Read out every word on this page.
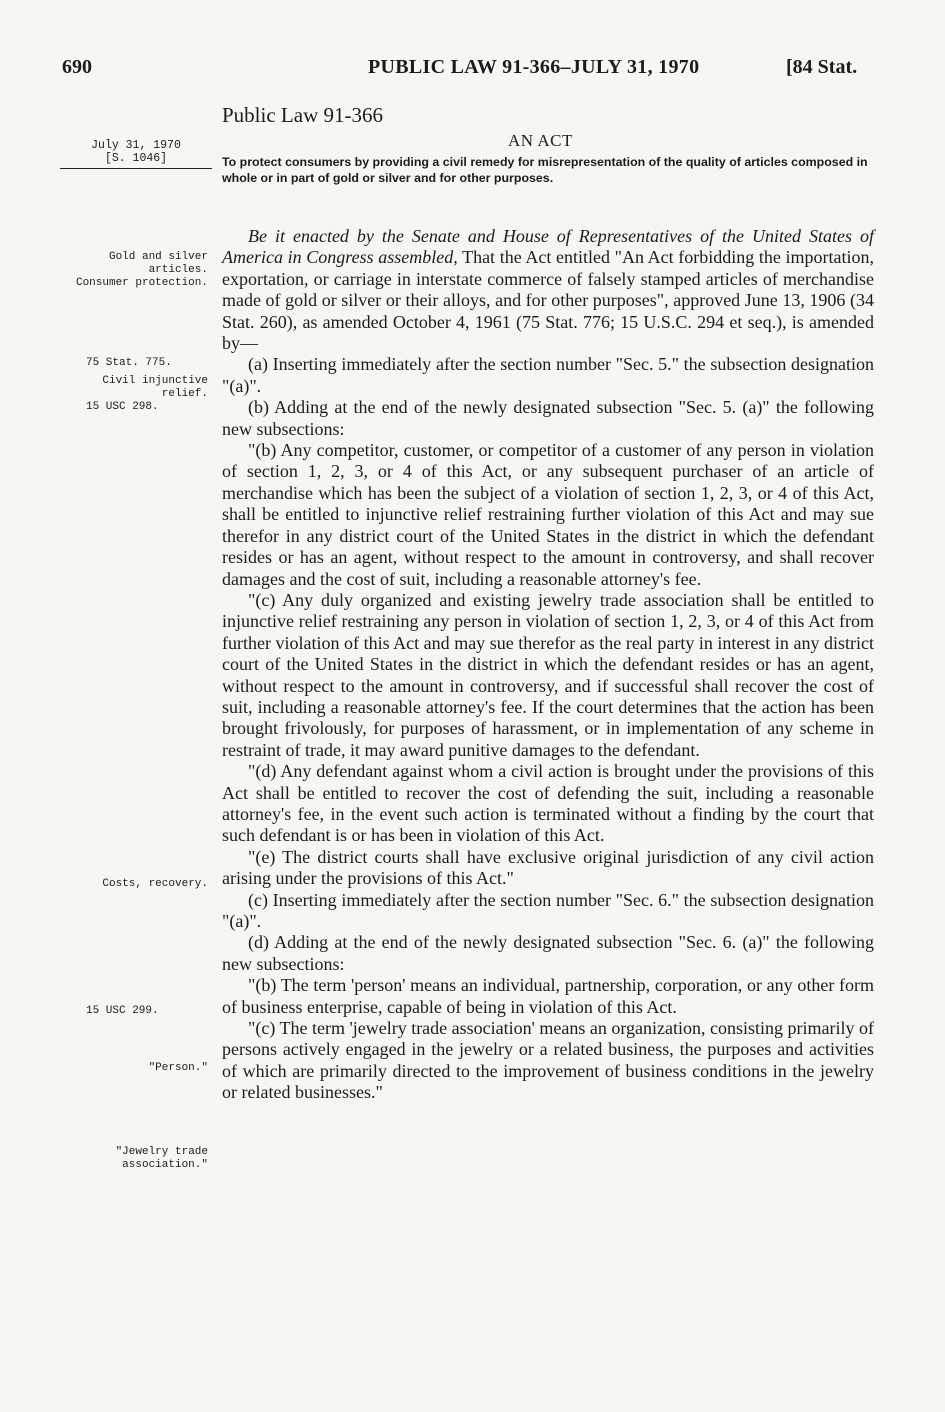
690	PUBLIC LAW 91-366–JULY 31, 1970	[84 Stat.
Public Law 91-366
AN ACT
July 31, 1970
[S. 1046]	To protect consumers by providing a civil remedy for misrepresentation of the quality of articles composed in whole or in part of gold or silver and for other purposes.
Gold and silver articles.
Consumer protection.
75 Stat. 775.
Civil injunctive relief.
15 USC 298.
Costs, recovery.
15 USC 299.
"Person."
"Jewelry trade association."

Be it enacted by the Senate and House of Representatives of the United States of America in Congress assembled, That the Act entitled "An Act forbidding the importation, exportation, or carriage in interstate commerce of falsely stamped articles of merchandise made of gold or silver or their alloys, and for other purposes", approved June 13, 1906 (34 Stat. 260), as amended October 4, 1961 (75 Stat. 776; 15 U.S.C. 294 et seq.), is amended by—

(a) Inserting immediately after the section number "Sec. 5." the subsection designation "(a)".

(b) Adding at the end of the newly designated subsection "Sec. 5. (a)" the following new subsections:

"(b) Any competitor, customer, or competitor of a customer of any person in violation of section 1, 2, 3, or 4 of this Act, or any subsequent purchaser of an article of merchandise which has been the subject of a violation of section 1, 2, 3, or 4 of this Act, shall be entitled to injunctive relief restraining further violation of this Act and may sue therefor in any district court of the United States in the district in which the defendant resides or has an agent, without respect to the amount in controversy, and shall recover damages and the cost of suit, including a reasonable attorney's fee.

"(c) Any duly organized and existing jewelry trade association shall be entitled to injunctive relief restraining any person in violation of section 1, 2, 3, or 4 of this Act from further violation of this Act and may sue therefor as the real party in interest in any district court of the United States in the district in which the defendant resides or has an agent, without respect to the amount in controversy, and if successful shall recover the cost of suit, including a reasonable attorney's fee. If the court determines that the action has been brought frivolously, for purposes of harassment, or in implementation of any scheme in restraint of trade, it may award punitive damages to the defendant.

"(d) Any defendant against whom a civil action is brought under the provisions of this Act shall be entitled to recover the cost of defending the suit, including a reasonable attorney's fee, in the event such action is terminated without a finding by the court that such defendant is or has been in violation of this Act.

"(e) The district courts shall have exclusive original jurisdiction of any civil action arising under the provisions of this Act."

(c) Inserting immediately after the section number "Sec. 6." the subsection designation "(a)".

(d) Adding at the end of the newly designated subsection "Sec. 6. (a)" the following new subsections:

"(b) The term 'person' means an individual, partnership, corporation, or any other form of business enterprise, capable of being in violation of this Act.

"(c) The term 'jewelry trade association' means an organization, consisting primarily of persons actively engaged in the jewelry or a related business, the purposes and activities of which are primarily directed to the improvement of business conditions in the jewelry or related businesses."
